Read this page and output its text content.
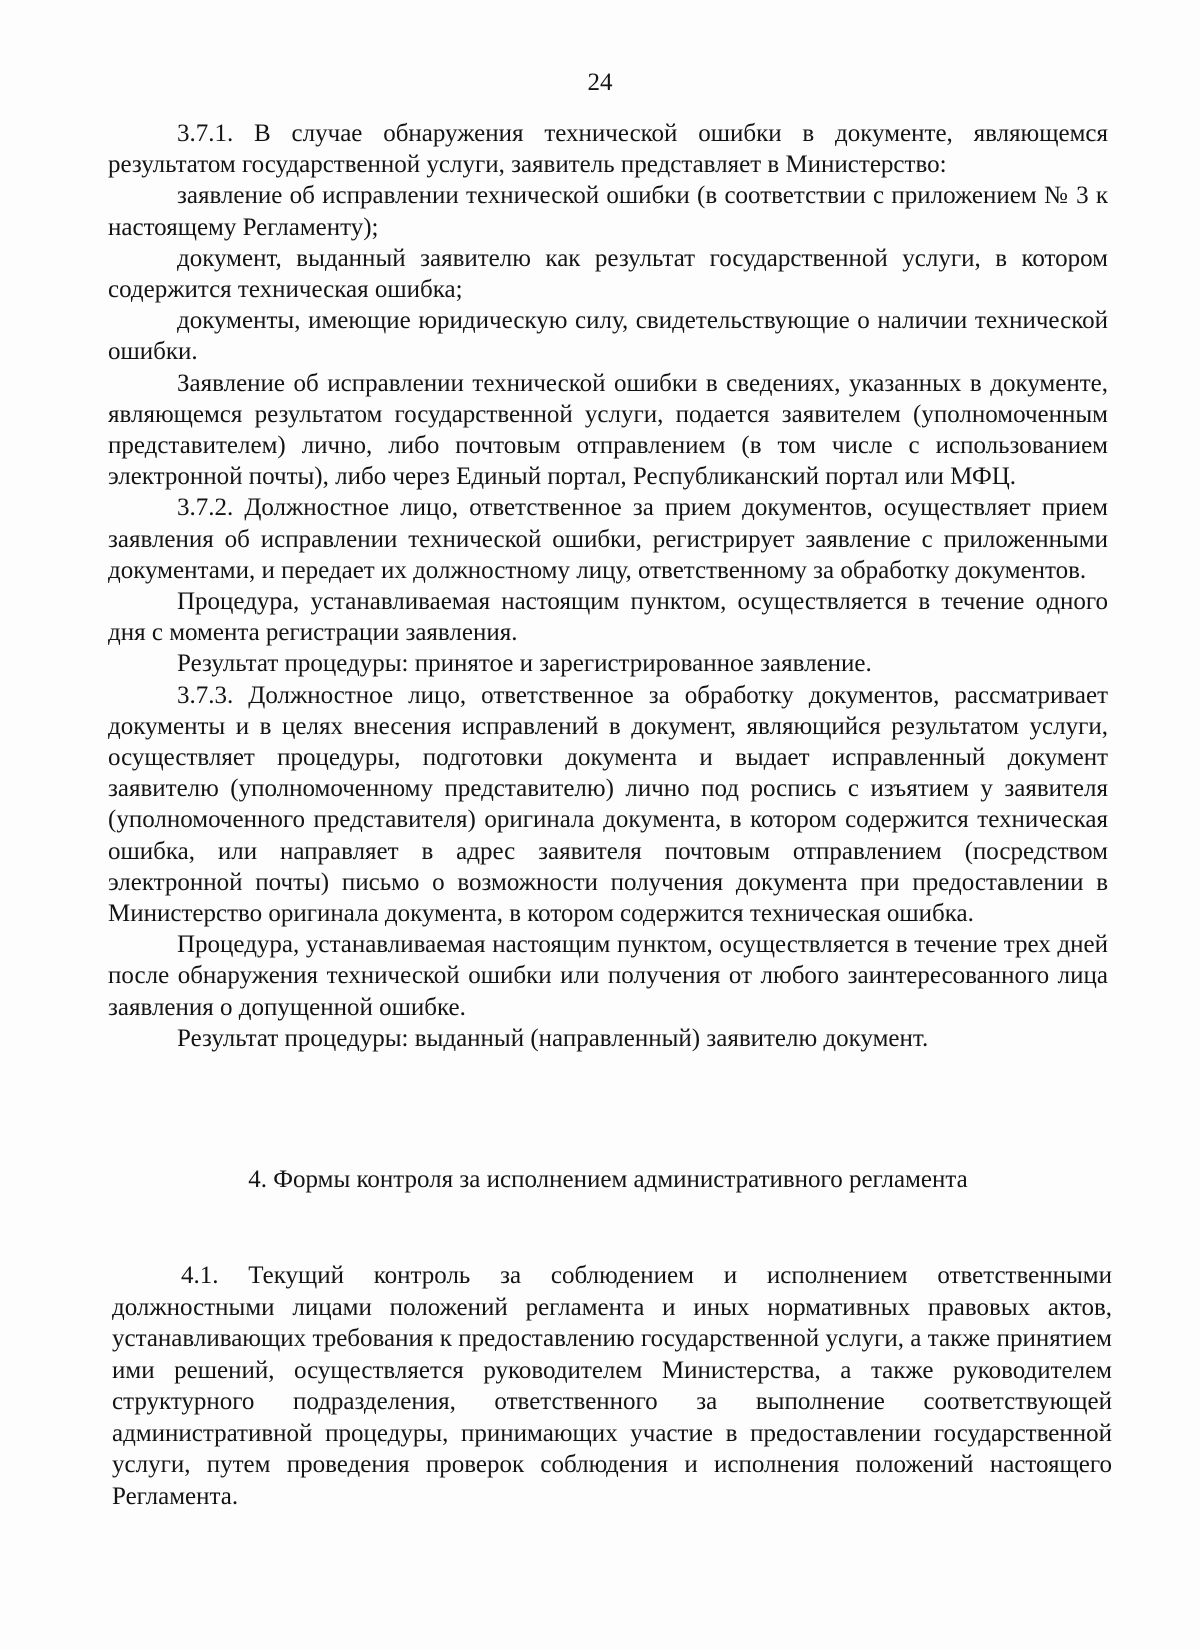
24

3.7.1. В случае обнаружения технической ошибки в документе, являющемся результатом государственной услуги, заявитель представляет в Министерство:

заявление об исправлении технической ошибки (в соответствии с приложением № 3 к настоящему Регламенту);

документ, выданный заявителю как результат государственной услуги, в котором содержится техническая ошибка;

документы, имеющие юридическую силу, свидетельствующие о наличии технической ошибки.

Заявление об исправлении технической ошибки в сведениях, указанных в документе, являющемся результатом государственной услуги, подается заявителем (уполномоченным представителем) лично, либо почтовым отправлением (в том числе с использованием электронной почты), либо через Единый портал, Республиканский портал или МФЦ.

3.7.2. Должностное лицо, ответственное за прием документов, осуществляет прием заявления об исправлении технической ошибки, регистрирует заявление с приложенными документами, и передает их должностному лицу, ответственному за обработку документов.

Процедура, устанавливаемая настоящим пунктом, осуществляется в течение одного дня с момента регистрации заявления.

Результат процедуры: принятое и зарегистрированное заявление.

3.7.3. Должностное лицо, ответственное за обработку документов, рассматривает документы и в целях внесения исправлений в документ, являющийся результатом услуги, осуществляет процедуры, подготовки документа и выдает исправленный документ заявителю (уполномоченному представителю) лично под роспись с изъятием у заявителя (уполномоченного представителя) оригинала документа, в котором содержится техническая ошибка, или направляет в адрес заявителя почтовым отправлением (посредством электронной почты) письмо о возможности получения документа при предоставлении в Министерство оригинала документа, в котором содержится техническая ошибка.

Процедура, устанавливаемая настоящим пунктом, осуществляется в течение трех дней после обнаружения технической ошибки или получения от любого заинтересованного лица заявления о допущенной ошибке.

Результат процедуры: выданный (направленный) заявителю документ.

4. Формы контроля за исполнением административного регламента

4.1. Текущий контроль за соблюдением и исполнением ответственными должностными лицами положений регламента и иных нормативных правовых актов, устанавливающих требования к предоставлению государственной услуги, а также принятием ими решений, осуществляется руководителем Министерства, а также руководителем структурного подразделения, ответственного за выполнение соответствующей административной процедуры, принимающих участие в предоставлении государственной услуги, путем проведения проверок соблюдения и исполнения положений настоящего Регламента.
